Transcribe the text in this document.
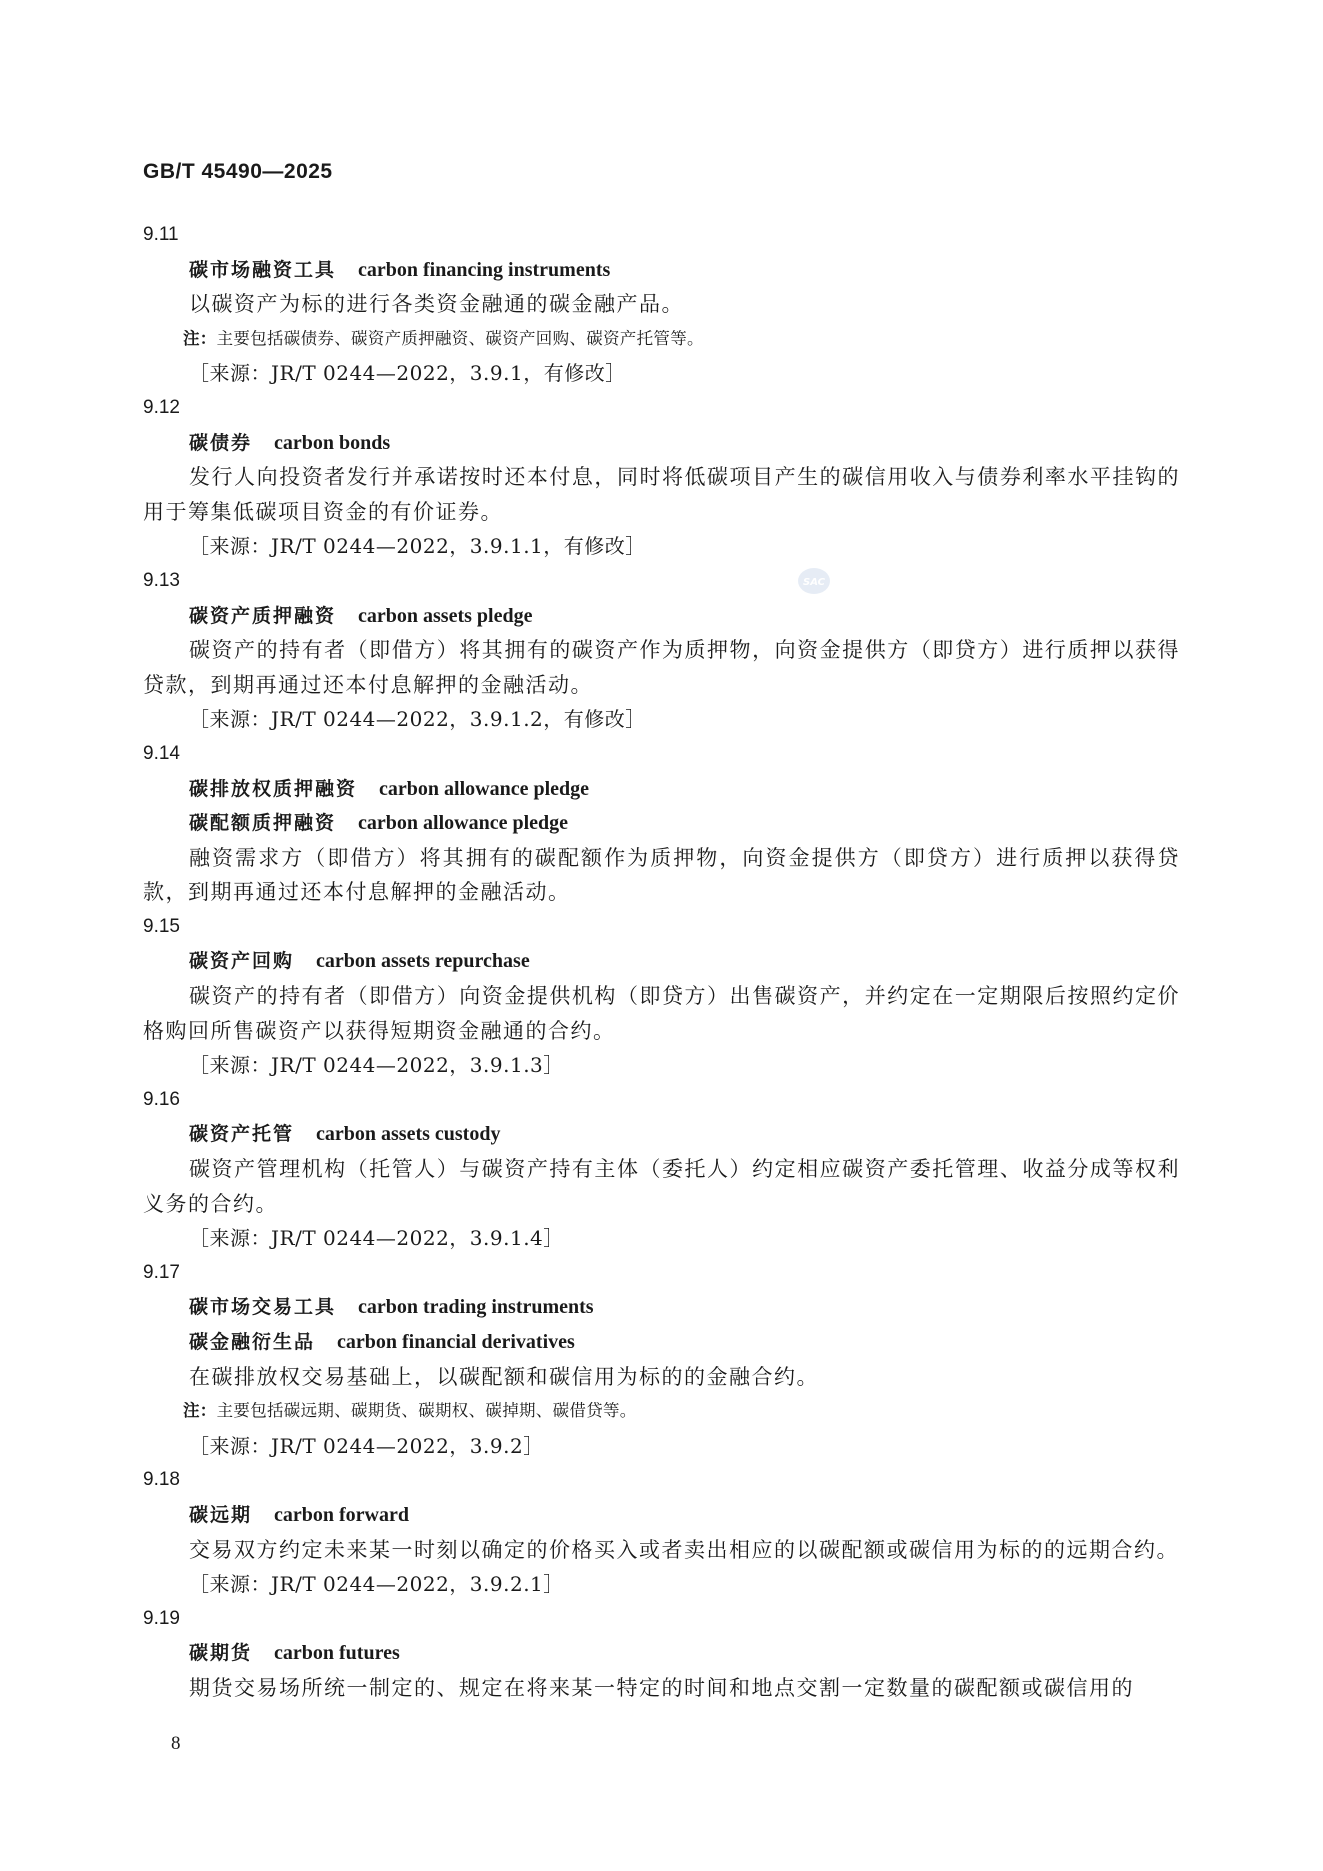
GB/T 45490—2025
SAC
9.11
碳市场融资工具 carbon financing instruments

以碳资产为标的进行各类资金融通的碳金融产品。

注：主要包括碳债券、碳资产质押融资、碳资产回购、碳资产托管等。
［来源：JR/T 0244—2022，3.9.1，有修改］
9.12
碳债券 carbon bonds

发行人向投资者发行并承诺按时还本付息，同时将低碳项目产生的碳信用收入与债券利率水平挂钩的用于筹集低碳项目资金的有价证券。

［来源：JR/T 0244—2022，3.9.1.1，有修改］
9.13
碳资产质押融资 carbon assets pledge

碳资产的持有者（即借方）将其拥有的碳资产作为质押物，向资金提供方（即贷方）进行质押以获得贷款，到期再通过还本付息解押的金融活动。

［来源：JR/T 0244—2022，3.9.1.2，有修改］
9.14
碳排放权质押融资 carbon allowance pledge
碳配额质押融资 carbon allowance pledge

融资需求方（即借方）将其拥有的碳配额作为质押物，向资金提供方（即贷方）进行质押以获得贷款，到期再通过还本付息解押的金融活动。

9.15
碳资产回购 carbon assets repurchase

碳资产的持有者（即借方）向资金提供机构（即贷方）出售碳资产，并约定在一定期限后按照约定价格购回所售碳资产以获得短期资金融通的合约。

［来源：JR/T 0244—2022，3.9.1.3］
9.16
碳资产托管 carbon assets custody

碳资产管理机构（托管人）与碳资产持有主体（委托人）约定相应碳资产委托管理、收益分成等权利义务的合约。

［来源：JR/T 0244—2022，3.9.1.4］
9.17
碳市场交易工具 carbon trading instruments
碳金融衍生品 carbon financial derivatives

在碳排放权交易基础上，以碳配额和碳信用为标的的金融合约。

注：主要包括碳远期、碳期货、碳期权、碳掉期、碳借贷等。
［来源：JR/T 0244—2022，3.9.2］
9.18
碳远期 carbon forward

交易双方约定未来某一时刻以确定的价格买入或者卖出相应的以碳配额或碳信用为标的的远期合约。

［来源：JR/T 0244—2022，3.9.2.1］
9.19
碳期货 carbon futures

期货交易场所统一制定的、规定在将来某一特定的时间和地点交割一定数量的碳配额或碳信用的

8
